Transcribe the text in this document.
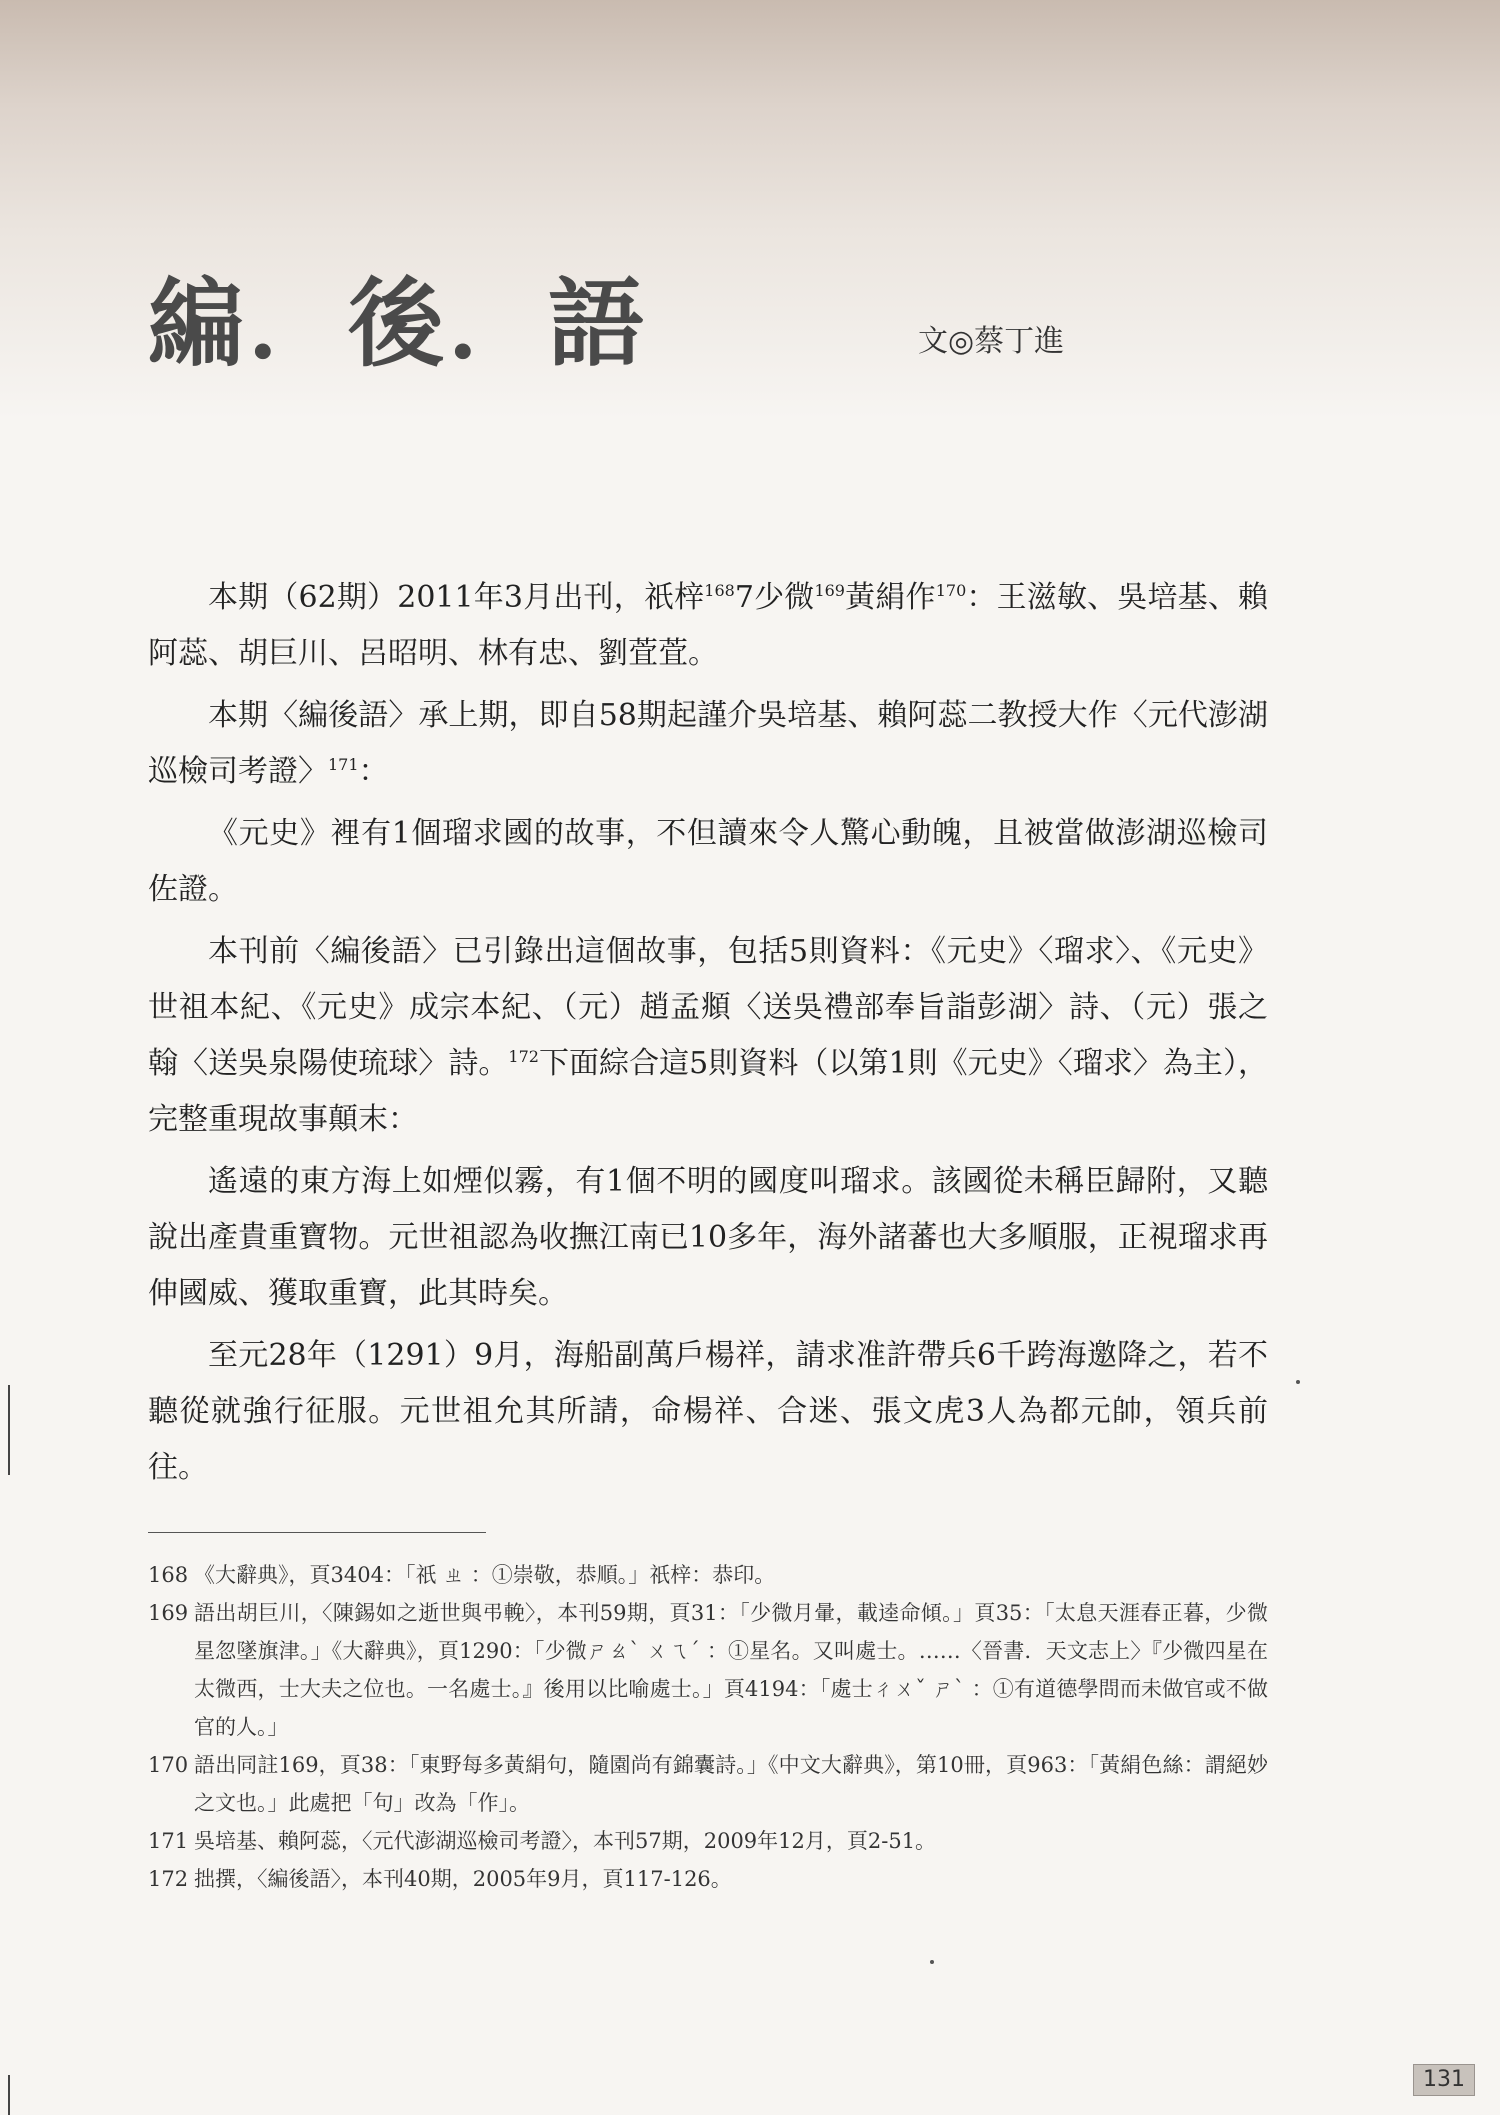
編．後．語	文◎蔡丁進

本期（62期）2011年3月出刊，祇梓$^{168}$7少微$^{169}$黃絹作$^{170}$：王滋敏、吳培基、賴阿蕊、胡巨川、呂昭明、林有忠、劉萓萓。

本期〈編後語〉承上期，即自58期起謹介吳培基、賴阿蕊二教授大作〈元代澎湖巡檢司考證〉$^{171}$：

《元史》裡有1個瑠求國的故事，不但讀來令人驚心動魄，且被當做澎湖巡檢司佐證。

本刊前〈編後語〉已引錄出這個故事，包括5則資料：《元史》〈瑠求〉、《元史》世祖本紀、《元史》成宗本紀、（元）趙孟頫〈送吳禮部奉旨詣彭湖〉詩、（元）張之翰〈送吳泉陽使琉球〉詩。$^{172}$下面綜合這5則資料（以第1則《元史》〈瑠求〉為主），完整重現故事顛末：

遙遠的東方海上如煙似霧，有1個不明的國度叫瑠求。該國從未稱臣歸附，又聽說出產貴重寶物。元世祖認為收撫江南已10多年，海外諸蕃也大多順服，正視瑠求再伸國威、獲取重寶，此其時矣。

至元28年（1291）9月，海船副萬戶楊祥，請求准許帶兵6千跨海邀降之，若不聽從就強行征服。元世祖允其所請，命楊祥、合迷、張文虎3人為都元帥，領兵前往。

168 《大辭典》，頁3404：「祇 ㄓ ：①崇敬，恭順。」祇梓：恭印。

169 語出胡巨川，〈陳錫如之逝世與弔輓〉，本刊59期，頁31：「少微月暈，載逵命傾。」頁35：「太息天涯春正暮，少微星忽墜旗津。」《大辭典》，頁1290：「少微ㄕㄠˋ ㄨㄟˊ ：①星名。又叫處士。……〈晉書．天文志上〉『少微四星在太微西，士大夫之位也。一名處士。』後用以比喻處士。」頁4194：「處士ㄔㄨˇ ㄕˋ ：①有道德學問而未做官或不做官的人。」

170 語出同註169，頁38：「東野每多黃絹句，隨園尚有錦囊詩。」《中文大辭典》，第10冊，頁963：「黃絹色絲：謂絕妙之文也。」此處把「句」改為「作」。

171 吳培基、賴阿蕊，〈元代澎湖巡檢司考證〉，本刊57期，2009年12月，頁2-51。

172 拙撰，〈編後語〉，本刊40期，2005年9月，頁117-126。

131
